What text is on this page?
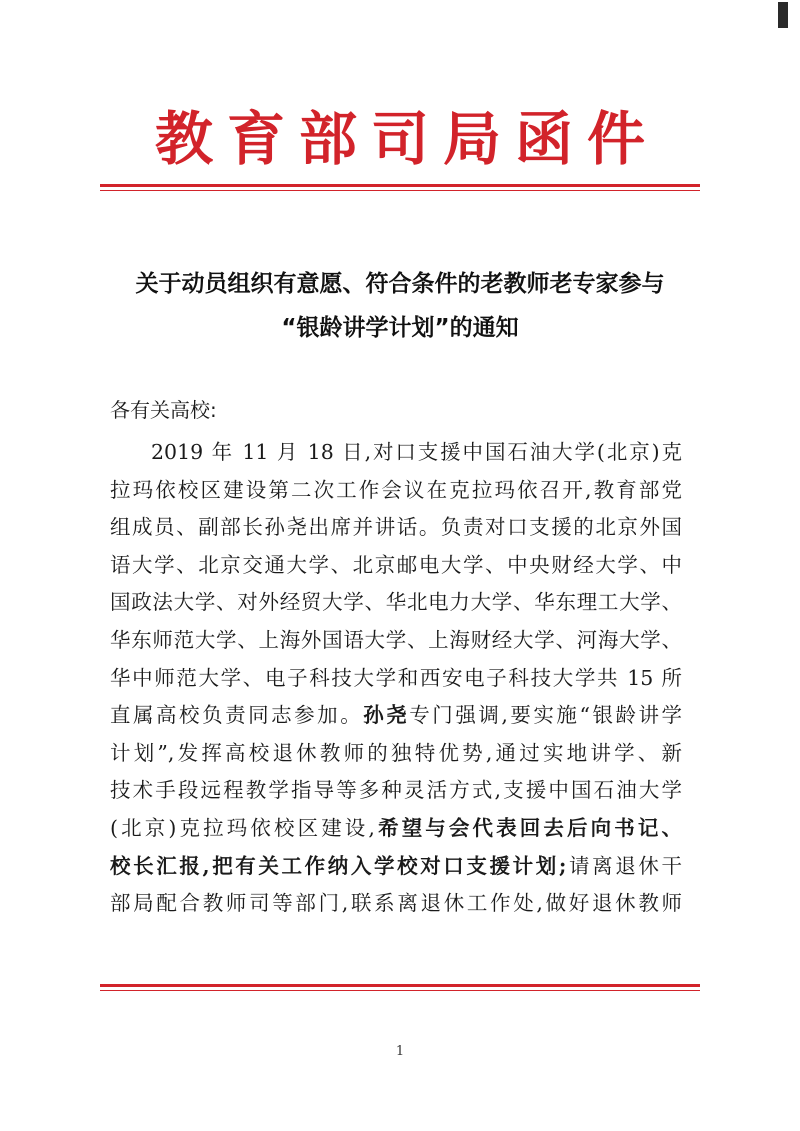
教育部司局函件
关于动员组织有意愿、符合条件的老教师老专家参与
“银龄讲学计划”的通知
各有关高校:
2019 年 11 月 18 日,对口支援中国石油大学(北京)克
拉玛依校区建设第二次工作会议在克拉玛依召开,教育部党
组成员、副部长孙尧出席并讲话。负责对口支援的北京外国
语大学、北京交通大学、北京邮电大学、中央财经大学、中
国政法大学、对外经贸大学、华北电力大学、华东理工大学、
华东师范大学、上海外国语大学、上海财经大学、河海大学、
华中师范大学、电子科技大学和西安电子科技大学共 15 所
直属高校负责同志参加。孙尧专门强调,要实施“银龄讲学
计划”,发挥高校退休教师的独特优势,通过实地讲学、新
技术手段远程教学指导等多种灵活方式,支援中国石油大学
(北京)克拉玛依校区建设,希望与会代表回去后向书记、
校长汇报,把有关工作纳入学校对口支援计划;请离退休干
部局配合教师司等部门,联系离退休工作处,做好退休教师
1
